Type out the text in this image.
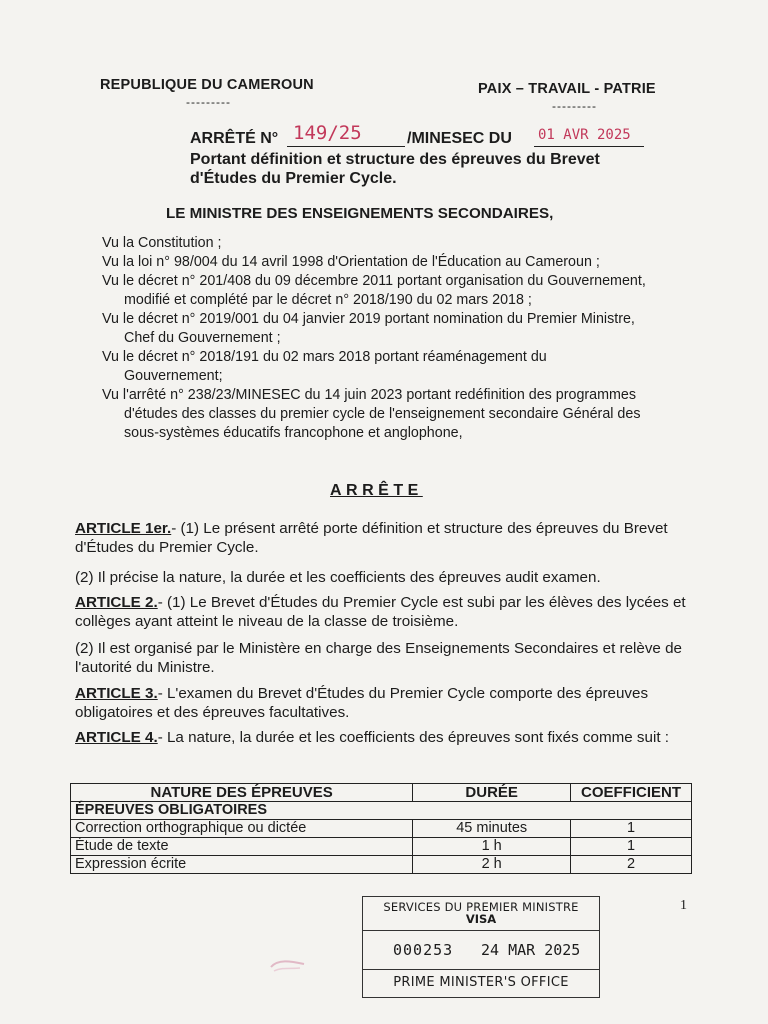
REPUBLIQUE DU CAMEROUN
---------
PAIX – TRAVAIL - PATRIE
---------
ARRÊTÉ N° 149/25	/MINESEC DU 01 AVR 2025
Portant définition et structure des épreuves du Brevet
d'Études du Premier Cycle.
LE MINISTRE DES ENSEIGNEMENTS SECONDAIRES,
Vu la Constitution ;
Vu la loi n° 98/004 du 14 avril 1998 d'Orientation de l'Éducation au Cameroun ;
Vu le décret n° 201/408 du 09 décembre 2011 portant organisation du Gouvernement,
modifié et complété par le décret n° 2018/190 du 02 mars 2018 ;
Vu le décret n° 2019/001 du 04 janvier 2019 portant nomination du Premier Ministre,
Chef du Gouvernement ;
Vu le décret n° 2018/191 du 02 mars 2018 portant réaménagement du
Gouvernement;
Vu l'arrêté n° 238/23/MINESEC du 14 juin 2023 portant redéfinition des programmes
d'études des classes du premier cycle de l'enseignement secondaire Général des
sous-systèmes éducatifs francophone et anglophone,
ARRÊTE
ARTICLE 1er.- (1) Le présent arrêté porte définition et structure des épreuves du Brevet d'Études du Premier Cycle.
(2) Il précise la nature, la durée et les coefficients des épreuves audit examen.
ARTICLE 2.- (1) Le Brevet d'Études du Premier Cycle est subi par les élèves des lycées et collèges ayant atteint le niveau de la classe de troisième.
(2) Il est organisé par le Ministère en charge des Enseignements Secondaires et relève de l'autorité du Ministre.
ARTICLE 3.- L'examen du Brevet d'Études du Premier Cycle comporte des épreuves obligatoires et des épreuves facultatives.
ARTICLE 4.- La nature, la durée et les coefficients des épreuves sont fixés comme suit :
NATURE DES ÉPREUVES	DURÉE	COEFFICIENT
ÉPREUVES OBLIGATOIRES		
Correction orthographique ou dictée	45 minutes	1
Étude de texte	1 h	1
Expression écrite	2 h	2
1
SERVICES DU PREMIER MINISTRE
VISA
000253 24 MAR 2025
PRIME MINISTER'S OFFICE
